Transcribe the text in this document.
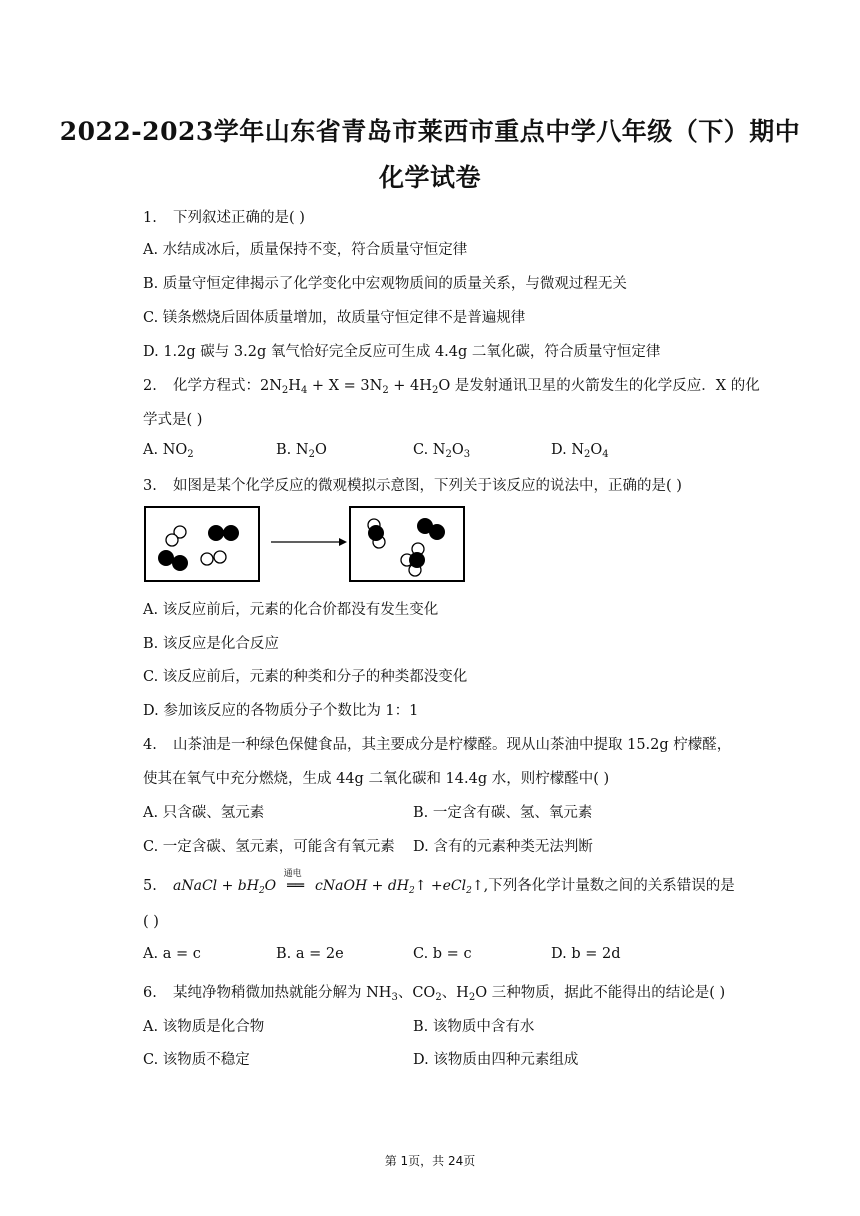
2022-2023学年山东省青岛市莱西市重点中学八年级（下）期中
化学试卷
1. 下列叙述正确的是( )
A. 水结成冰后，质量保持不变，符合质量守恒定律
B. 质量守恒定律揭示了化学变化中宏观物质间的质量关系，与微观过程无关
C. 镁条燃烧后固体质量增加，故质量守恒定律不是普遍规律
D. 1.2g 碳与 3.2g 氧气恰好完全反应可生成 4.4g 二氧化碳，符合质量守恒定律
2. 化学方程式：$2N_2H_4 + X = 3N_2 + 4H_2O$ 是发射通讯卫星的火箭发生的化学反应．X 的化
学式是( )
A. $NO_2$	B. $N_2O$	C. $N_2O_3$	D. $N_2O_4$
3. 如图是某个化学反应的微观模拟示意图，下列关于该反应的说法中，正确的是( )
A. 该反应前后，元素的化合价都没有发生变化
B. 该反应是化合反应
C. 该反应前后，元素的种类和分子的种类都没变化
D. 参加该反应的各物质分子个数比为 1：1
4. 山茶油是一种绿色保健食品，其主要成分是柠檬醛。现从山茶油中提取 15.2g 柠檬醛，
使其在氧气中充分燃烧，生成 44g 二氧化碳和 14.4g 水，则柠檬醛中( )
A. 只含碳、氢元素	B. 一定含有碳、氢、氧元素
C. 一定含碳、氢元素，可能含有氧元素 D. 含有的元素种类无法判断
5. aNaCl + $bH_2O$
通电
══ cNaOH + $dH_2↑$ +eCl$_2$↑,下列各化学计量数之间的关系错误的是
( )
A. a = c	B. a = 2e	C. b = c	D. b = 2d
6. 某纯净物稍微加热就能分解为 $NH_3$、$CO_2$、$H_2O$ 三种物质，据此不能得出的结论是( )
A. 该物质是化合物	B. 该物质中含有水
C. 该物质不稳定	D. 该物质由四种元素组成
第 1页，共 24页
